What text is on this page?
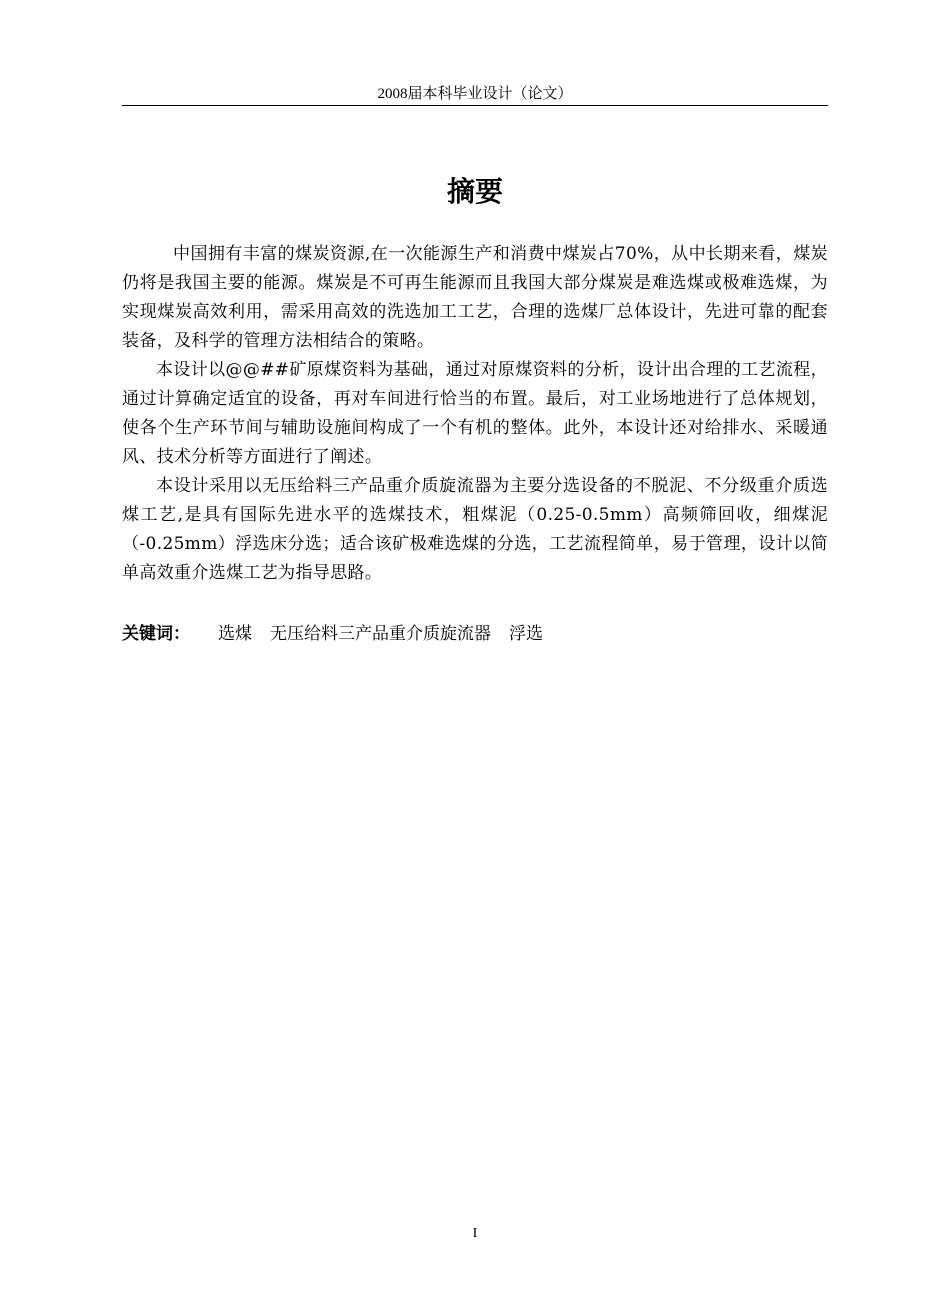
2008届本科毕业设计（论文）
摘要

中国拥有丰富的煤炭资源,在一次能源生产和消费中煤炭占70%，从中长期来看，煤炭仍将是我国主要的能源。煤炭是不可再生能源而且我国大部分煤炭是难选煤或极难选煤，为实现煤炭高效利用，需采用高效的洗选加工工艺，合理的选煤厂总体设计，先进可靠的配套装备，及科学的管理方法相结合的策略。

本设计以@@##矿原煤资料为基础，通过对原煤资料的分析，设计出合理的工艺流程，通过计算确定适宜的设备，再对车间进行恰当的布置。最后，对工业场地进行了总体规划，使各个生产环节间与辅助设施间构成了一个有机的整体。此外，本设计还对给排水、采暖通风、技术分析等方面进行了阐述。

本设计采用以无压给料三产品重介质旋流器为主要分选设备的不脱泥、不分级重介质选煤工艺,是具有国际先进水平的选煤技术，粗煤泥（0.25-0.5mm）高频筛回收，细煤泥（-0.25mm）浮选床分选；适合该矿极难选煤的分选，工艺流程简单，易于管理，设计以简单高效重介选煤工艺为指导思路。

关键词： 选煤 无压给料三产品重介质旋流器 浮选
I
